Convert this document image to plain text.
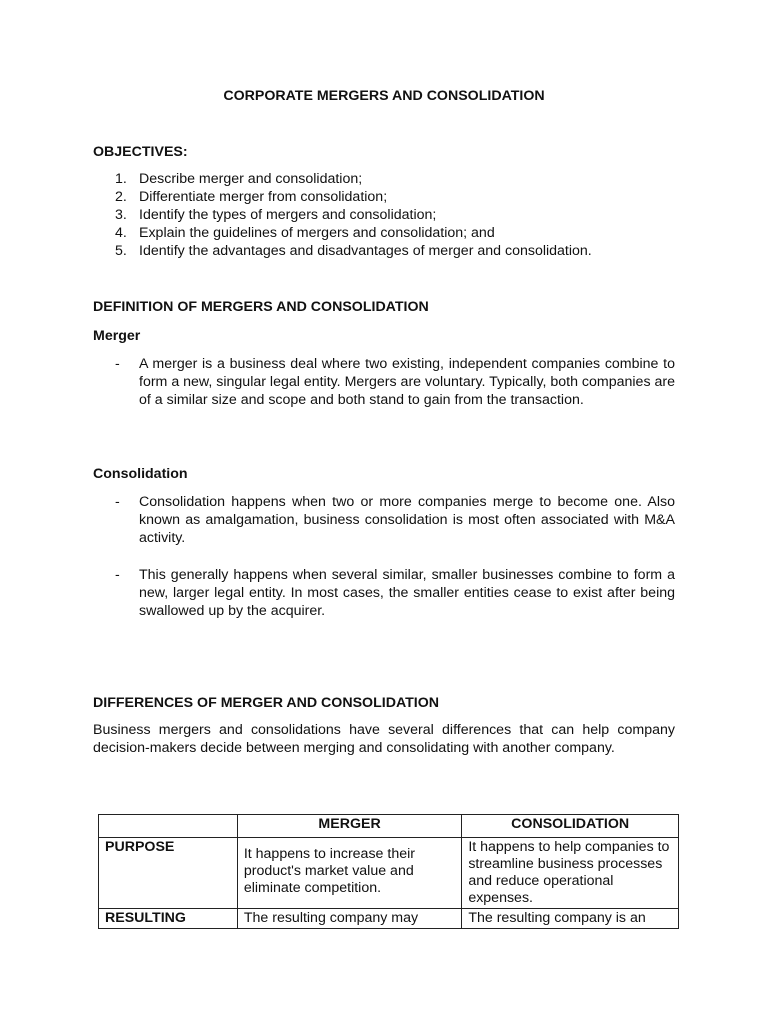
CORPORATE MERGERS AND CONSOLIDATION
OBJECTIVES:
1. Describe merger and consolidation;
2. Differentiate merger from consolidation;
3. Identify the types of mergers and consolidation;
4. Explain the guidelines of mergers and consolidation; and
5. Identify the advantages and disadvantages of merger and consolidation.
DEFINITION OF MERGERS AND CONSOLIDATION
Merger
- A merger is a business deal where two existing, independent companies combine to form a new, singular legal entity. Mergers are voluntary. Typically, both companies are of a similar size and scope and both stand to gain from the transaction.
Consolidation
- Consolidation happens when two or more companies merge to become one. Also known as amalgamation, business consolidation is most often associated with M&A activity.
- This generally happens when several similar, smaller businesses combine to form a new, larger legal entity. In most cases, the smaller entities cease to exist after being swallowed up by the acquirer.
DIFFERENCES OF MERGER AND CONSOLIDATION
Business mergers and consolidations have several differences that can help company decision-makers decide between merging and consolidating with another company.
	MERGER	CONSOLIDATION
PURPOSE	It happens to increase their product's market value and eliminate competition.	It happens to help companies to streamline business processes and reduce operational expenses.
RESULTING	The resulting company may	The resulting company is an
